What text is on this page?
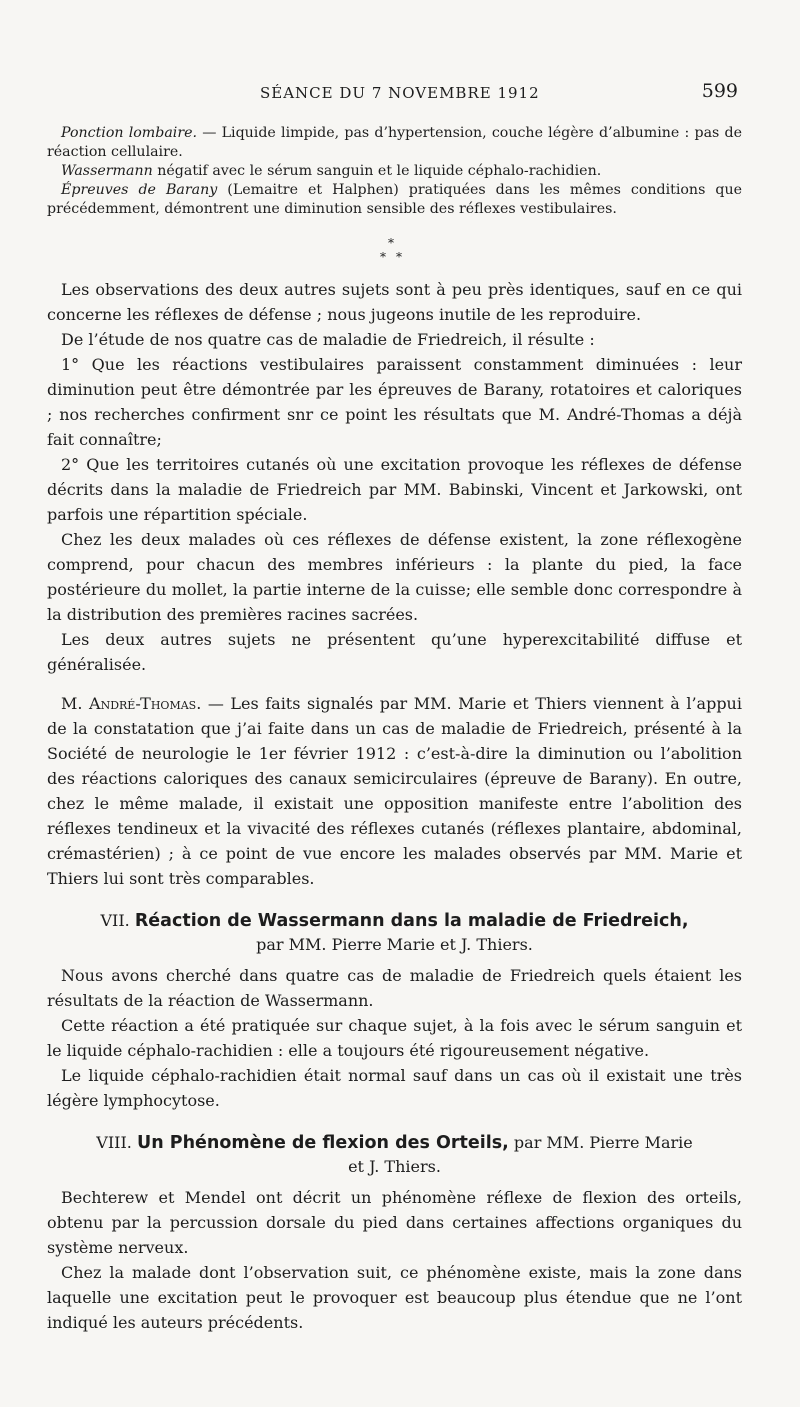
SÉANCE DU 7 NOVEMBRE 1912	599

Ponction lombaire. — Liquide limpide, pas d’hypertension, couche légère d’albumine : pas de réaction cellulaire.

Wassermann négatif avec le sérum sanguin et le liquide céphalo-rachidien.

Épreuves de Barany (Lemaitre et Halphen) pratiquées dans les mêmes conditions que précédemment, démontrent une diminution sensible des réflexes vestibulaires.

*
* *

Les observations des deux autres sujets sont à peu près identiques, sauf en ce qui concerne les réflexes de défense ; nous jugeons inutile de les reproduire.

De l’étude de nos quatre cas de maladie de Friedreich, il résulte :

1° Que les réactions vestibulaires paraissent constamment diminuées : leur diminution peut être démontrée par les épreuves de Barany, rotatoires et caloriques ; nos recherches confirment snr ce point les résultats que M. André-Thomas a déjà fait connaître;

2° Que les territoires cutanés où une excitation provoque les réflexes de défense décrits dans la maladie de Friedreich par MM. Babinski, Vincent et Jarkowski, ont parfois une répartition spéciale.

Chez les deux malades où ces réflexes de défense existent, la zone réflexogène comprend, pour chacun des membres inférieurs : la plante du pied, la face postérieure du mollet, la partie interne de la cuisse; elle semble donc correspondre à la distribution des premières racines sacrées.

Les deux autres sujets ne présentent qu’une hyperexcitabilité diffuse et généralisée.

M. André-Thomas. — Les faits signalés par MM. Marie et Thiers viennent à l’appui de la constatation que j’ai faite dans un cas de maladie de Friedreich, présenté à la Société de neurologie le 1er février 1912 : c’est-à-dire la diminution ou l’abolition des réactions caloriques des canaux semicirculaires (épreuve de Barany). En outre, chez le même malade, il existait une opposition manifeste entre l’abolition des réflexes tendineux et la vivacité des réflexes cutanés (réflexes plantaire, abdominal, crémastérien) ; à ce point de vue encore les malades observés par MM. Marie et Thiers lui sont très comparables.

VII. Réaction de Wassermann dans la maladie de Friedreich,
par MM. Pierre Marie et J. Thiers.

Nous avons cherché dans quatre cas de maladie de Friedreich quels étaient les résultats de la réaction de Wassermann.

Cette réaction a été pratiquée sur chaque sujet, à la fois avec le sérum sanguin et le liquide céphalo-rachidien : elle a toujours été rigoureusement négative.

Le liquide céphalo-rachidien était normal sauf dans un cas où il existait une très légère lymphocytose.

VIII. Un Phénomène de flexion des Orteils, par MM. Pierre Marie
et J. Thiers.

Bechterew et Mendel ont décrit un phénomène réflexe de flexion des orteils, obtenu par la percussion dorsale du pied dans certaines affections organiques du système nerveux.

Chez la malade dont l’observation suit, ce phénomène existe, mais la zone dans laquelle une excitation peut le provoquer est beaucoup plus étendue que ne l’ont indiqué les auteurs précédents.
